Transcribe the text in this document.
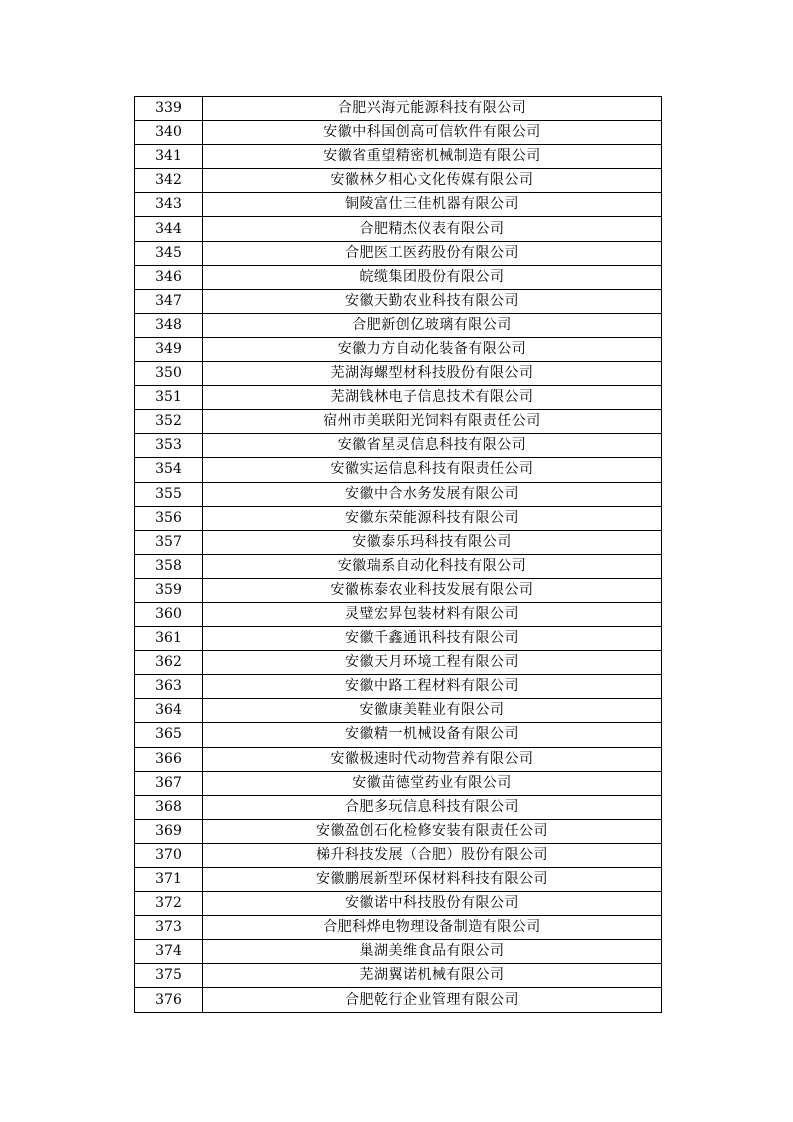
339	合肥兴海元能源科技有限公司
340	安徽中科国创高可信软件有限公司
341	安徽省重望精密机械制造有限公司
342	安徽林夕相心文化传媒有限公司
343	铜陵富仕三佳机器有限公司
344	合肥精杰仪表有限公司
345	合肥医工医药股份有限公司
346	皖缆集团股份有限公司
347	安徽天勤农业科技有限公司
348	合肥新创亿玻璃有限公司
349	安徽力方自动化装备有限公司
350	芜湖海螺型材科技股份有限公司
351	芜湖钱林电子信息技术有限公司
352	宿州市美联阳光饲料有限责任公司
353	安徽省星灵信息科技有限公司
354	安徽实运信息科技有限责任公司
355	安徽中合水务发展有限公司
356	安徽东荣能源科技有限公司
357	安徽泰乐玛科技有限公司
358	安徽瑞系自动化科技有限公司
359	安徽栋泰农业科技发展有限公司
360	灵璧宏昇包装材料有限公司
361	安徽千鑫通讯科技有限公司
362	安徽天月环境工程有限公司
363	安徽中路工程材料有限公司
364	安徽康美鞋业有限公司
365	安徽精一机械设备有限公司
366	安徽极速时代动物营养有限公司
367	安徽苗德堂药业有限公司
368	合肥多玩信息科技有限公司
369	安徽盈创石化检修安装有限责任公司
370	梯升科技发展（合肥）股份有限公司
371	安徽鹏展新型环保材料科技有限公司
372	安徽诺中科技股份有限公司
373	合肥科烨电物理设备制造有限公司
374	巢湖美维食品有限公司
375	芜湖翼诺机械有限公司
376	合肥乾行企业管理有限公司
